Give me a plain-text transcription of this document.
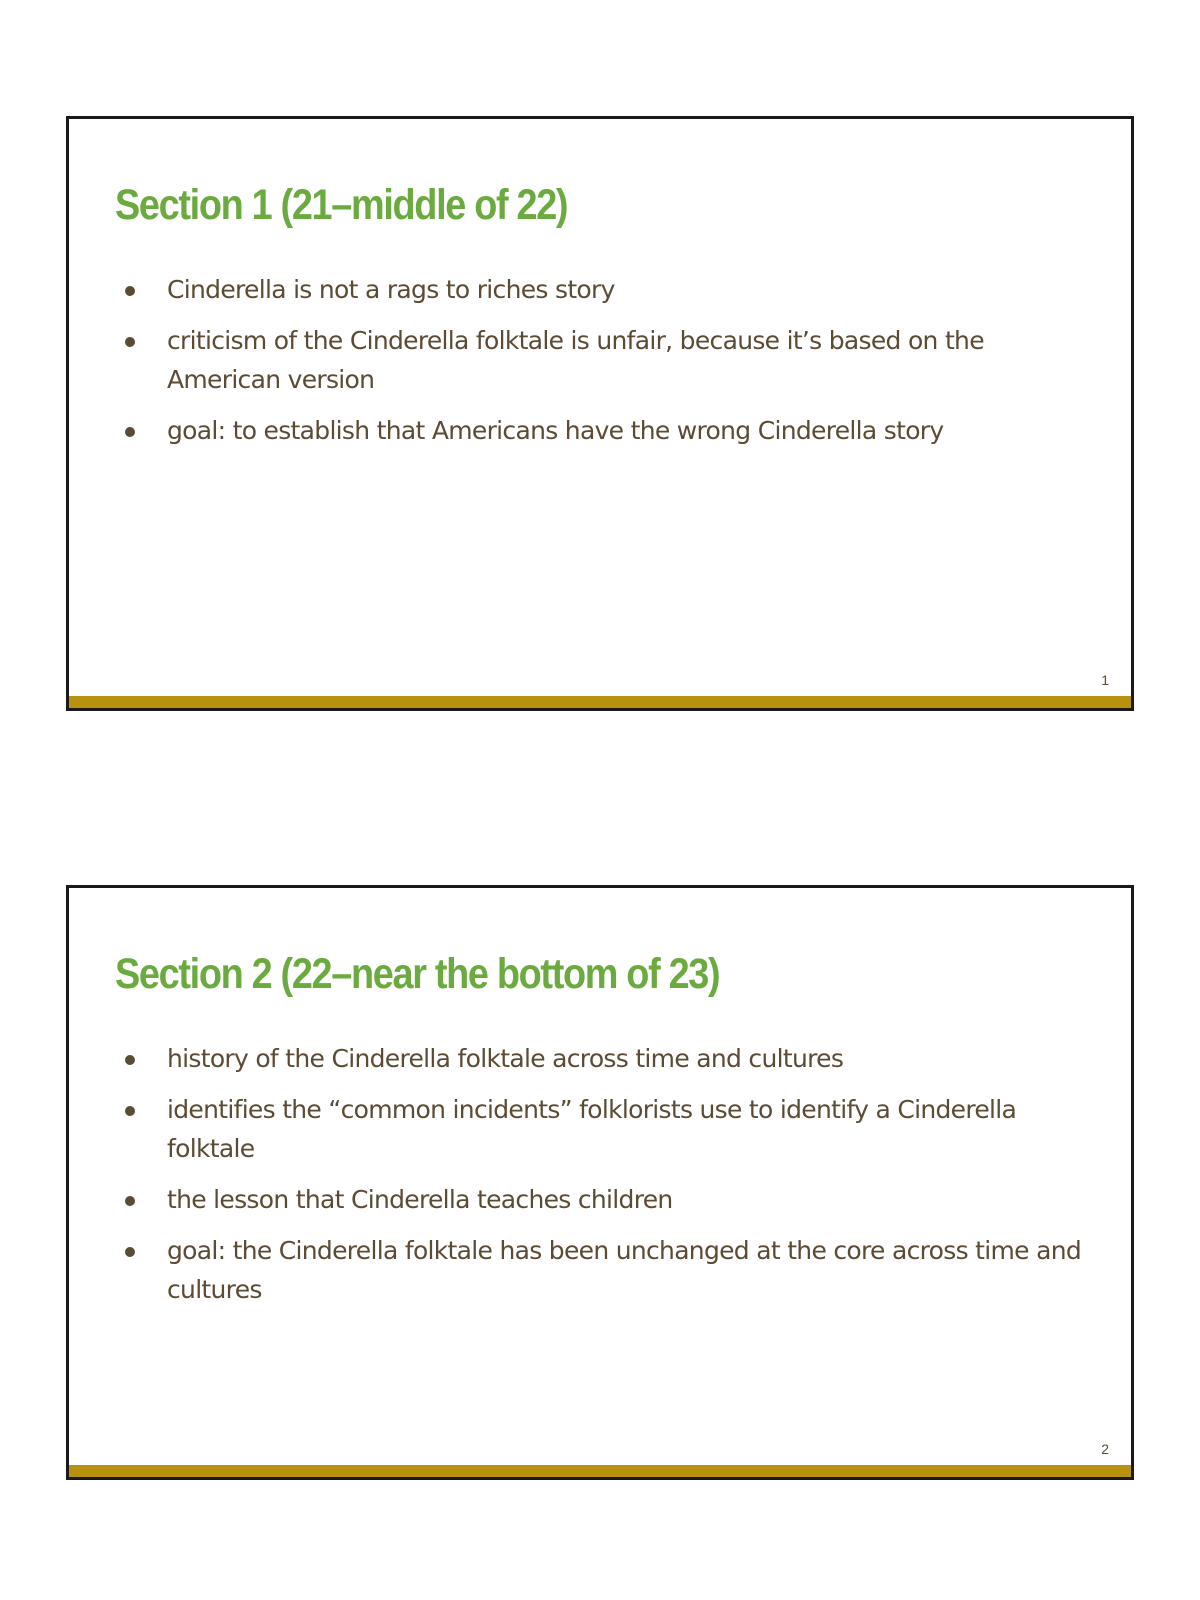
Section 1 (21–middle of 22)
Cinderella is not a rags to riches story
criticism of the Cinderella folktale is unfair, because it’s based on the American version
goal: to establish that Americans have the wrong Cinderella story
1
Section 2 (22–near the bottom of 23)
history of the Cinderella folktale across time and cultures
identifies the “common incidents” folklorists use to identify a Cinderella folktale
the lesson that Cinderella teaches children
goal: the Cinderella folktale has been unchanged at the core across time and cultures
2
